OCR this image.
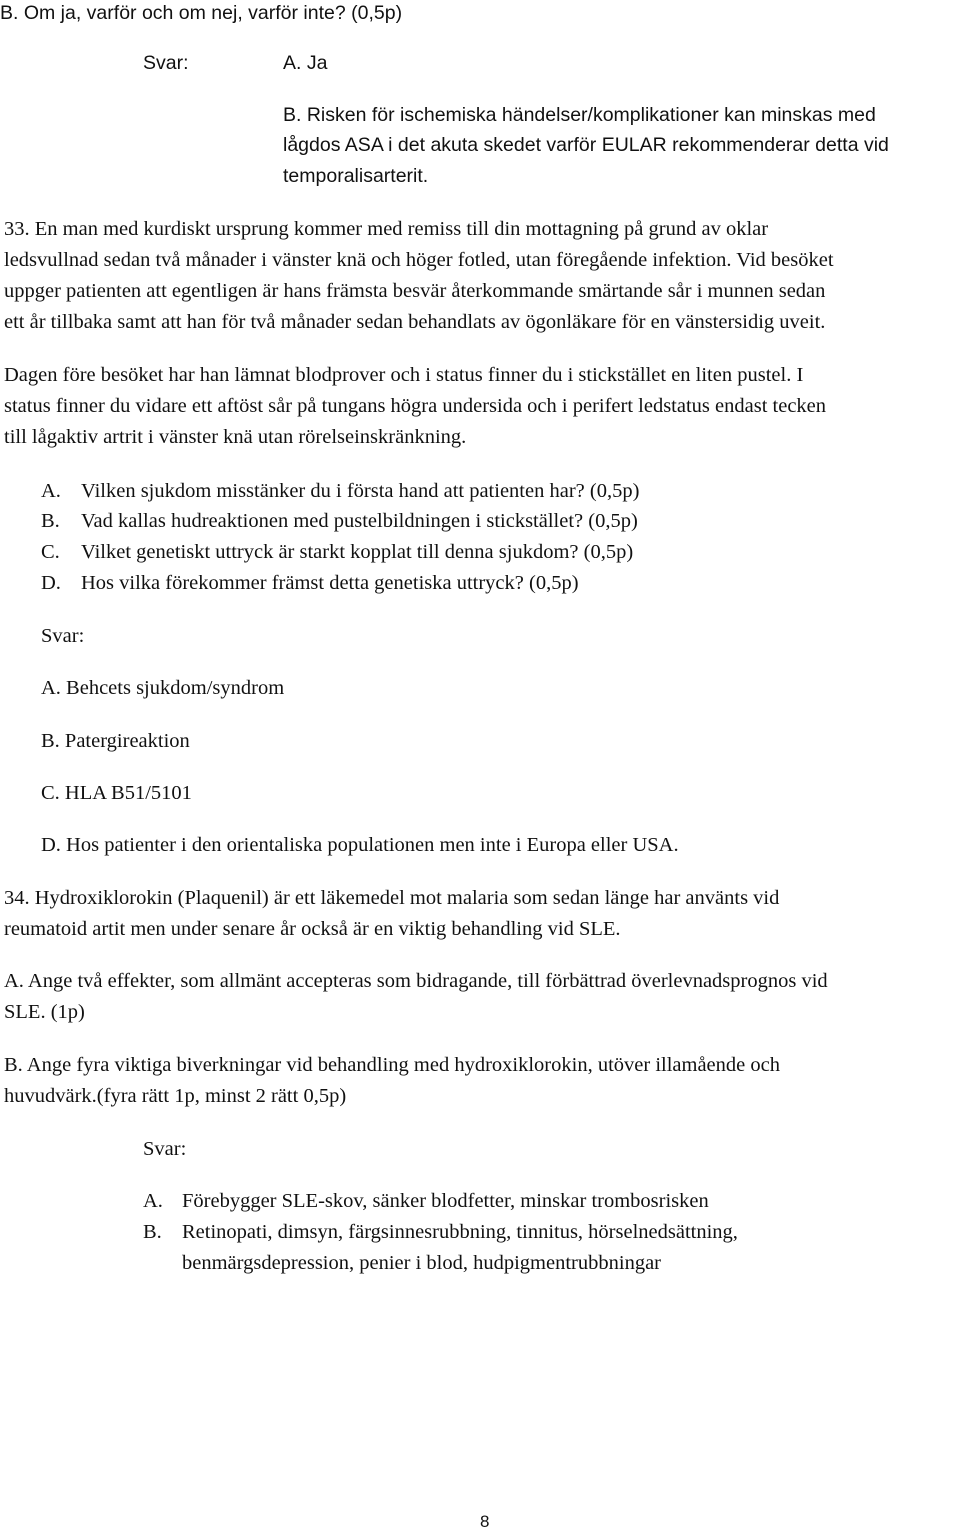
B. Om ja, varför och om nej, varför inte? (0,5p)
Svar:	A. Ja
B. Risken för ischemiska händelser/komplikationer kan minskas med
lågdos ASA i det akuta skedet varför EULAR rekommenderar detta vid
temporalisarterit.
33. En man med kurdiskt ursprung kommer med remiss till din mottagning på grund av oklar
ledsvullnad sedan två månader i vänster knä och höger fotled, utan föregående infektion. Vid besöket
uppger patienten att egentligen är hans främsta besvär återkommande smärtande sår i munnen sedan
ett år tillbaka samt att han för två månader sedan behandlats av ögonläkare för en vänstersidig uveit.
Dagen före besöket har han lämnat blodprover och i status finner du i stickstället en liten pustel. I
status finner du vidare ett aftöst sår på tungans högra undersida och i perifert ledstatus endast tecken
till lågaktiv artrit i vänster knä utan rörelseinskränkning.
A. Vilken sjukdom misstänker du i första hand att patienten har? (0,5p)
B. Vad kallas hudreaktionen med pustelbildningen i stickstället? (0,5p)
C. Vilket genetiskt uttryck är starkt kopplat till denna sjukdom? (0,5p)
D. Hos vilka förekommer främst detta genetiska uttryck? (0,5p)
Svar:
A. Behcets sjukdom/syndrom
B. Patergireaktion
C. HLA B51/5101
D. Hos patienter i den orientaliska populationen men inte i Europa eller USA.
34. Hydroxiklorokin (Plaquenil) är ett läkemedel mot malaria som sedan länge har använts vid
reumatoid artit men under senare år också är en viktig behandling vid SLE.
A. Ange två effekter, som allmänt accepteras som bidragande, till förbättrad överlevnadsprognos vid
SLE. (1p)
B. Ange fyra viktiga biverkningar vid behandling med hydroxiklorokin, utöver illamående och
huvudvärk.(fyra rätt 1p, minst 2 rätt 0,5p)
Svar:
A. Förebygger SLE-skov, sänker blodfetter, minskar trombosrisken
B. Retinopati, dimsyn, färgsinnesrubbning, tinnitus, hörselnedsättning,
benmärgsdepression, penier i blod, hudpigmentrubbningar
8
